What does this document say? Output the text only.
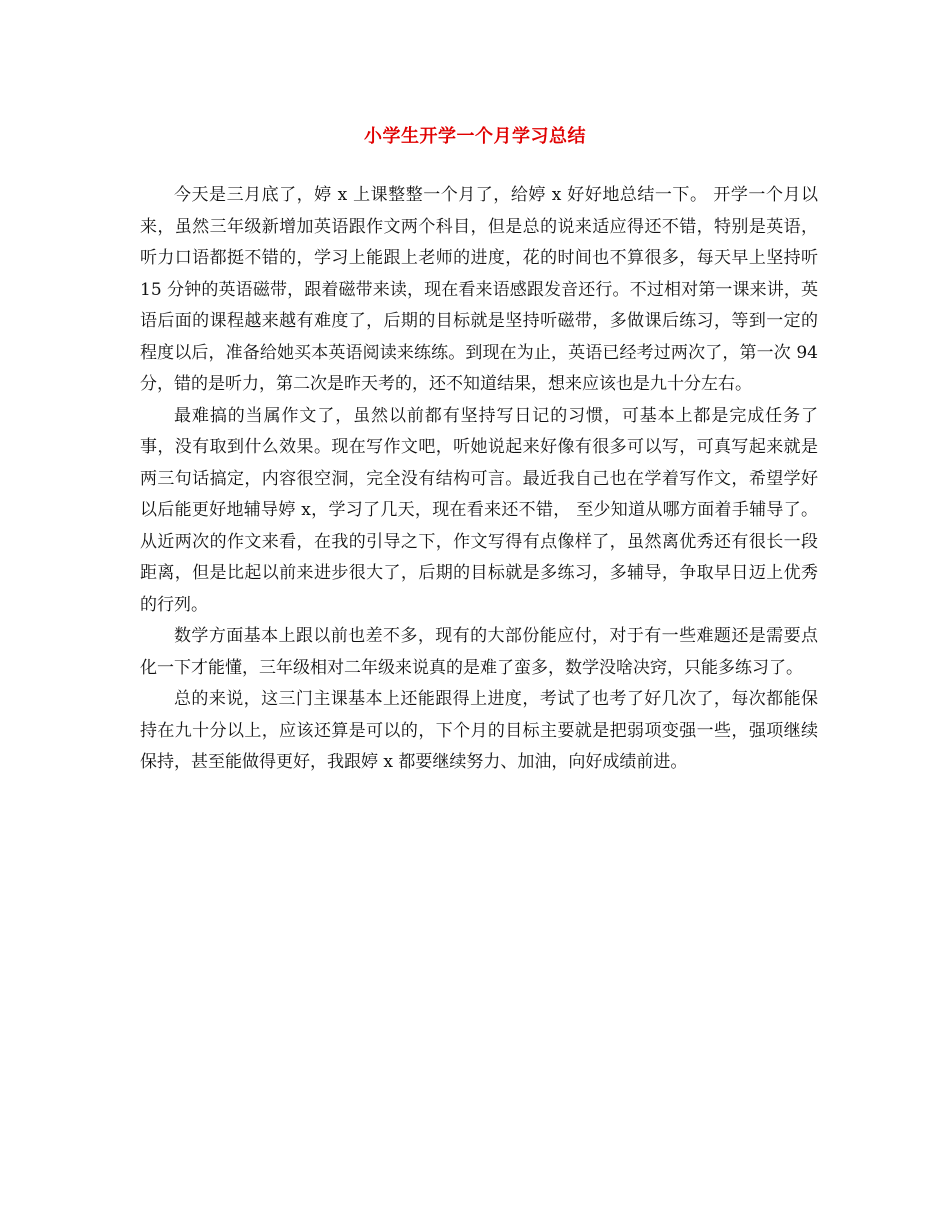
小学生开学一个月学习总结

今天是三月底了，婷 x 上课整整一个月了，给婷 x 好好地总结一下。 开学一个月以来，虽然三年级新增加英语跟作文两个科目，但是总的说来适应得还不错，特别是英语，听力口语都挺不错的，学习上能跟上老师的进度，花的时间也不算很多，每天早上坚持听 15 分钟的英语磁带，跟着磁带来读，现在看来语感跟发音还行。不过相对第一课来讲，英语后面的课程越来越有难度了，后期的目标就是坚持听磁带，多做课后练习，等到一定的程度以后，准备给她买本英语阅读来练练。到现在为止，英语已经考过两次了，第一次 94 分，错的是听力，第二次是昨天考的，还不知道结果，想来应该也是九十分左右。

最难搞的当属作文了，虽然以前都有坚持写日记的习惯，可基本上都是完成任务了事，没有取到什么效果。现在写作文吧，听她说起来好像有很多可以写，可真写起来就是两三句话搞定，内容很空洞，完全没有结构可言。最近我自己也在学着写作文，希望学好以后能更好地辅导婷 x，学习了几天，现在看来还不错， 至少知道从哪方面着手辅导了。从近两次的作文来看，在我的引导之下，作文写得有点像样了，虽然离优秀还有很长一段距离，但是比起以前来进步很大了，后期的目标就是多练习，多辅导，争取早日迈上优秀的行列。

数学方面基本上跟以前也差不多，现有的大部份能应付，对于有一些难题还是需要点化一下才能懂，三年级相对二年级来说真的是难了蛮多，数学没啥决窍，只能多练习了。

总的来说，这三门主课基本上还能跟得上进度，考试了也考了好几次了，每次都能保持在九十分以上，应该还算是可以的，下个月的目标主要就是把弱项变强一些，强项继续保持，甚至能做得更好，我跟婷 x 都要继续努力、加油，向好成绩前进。
